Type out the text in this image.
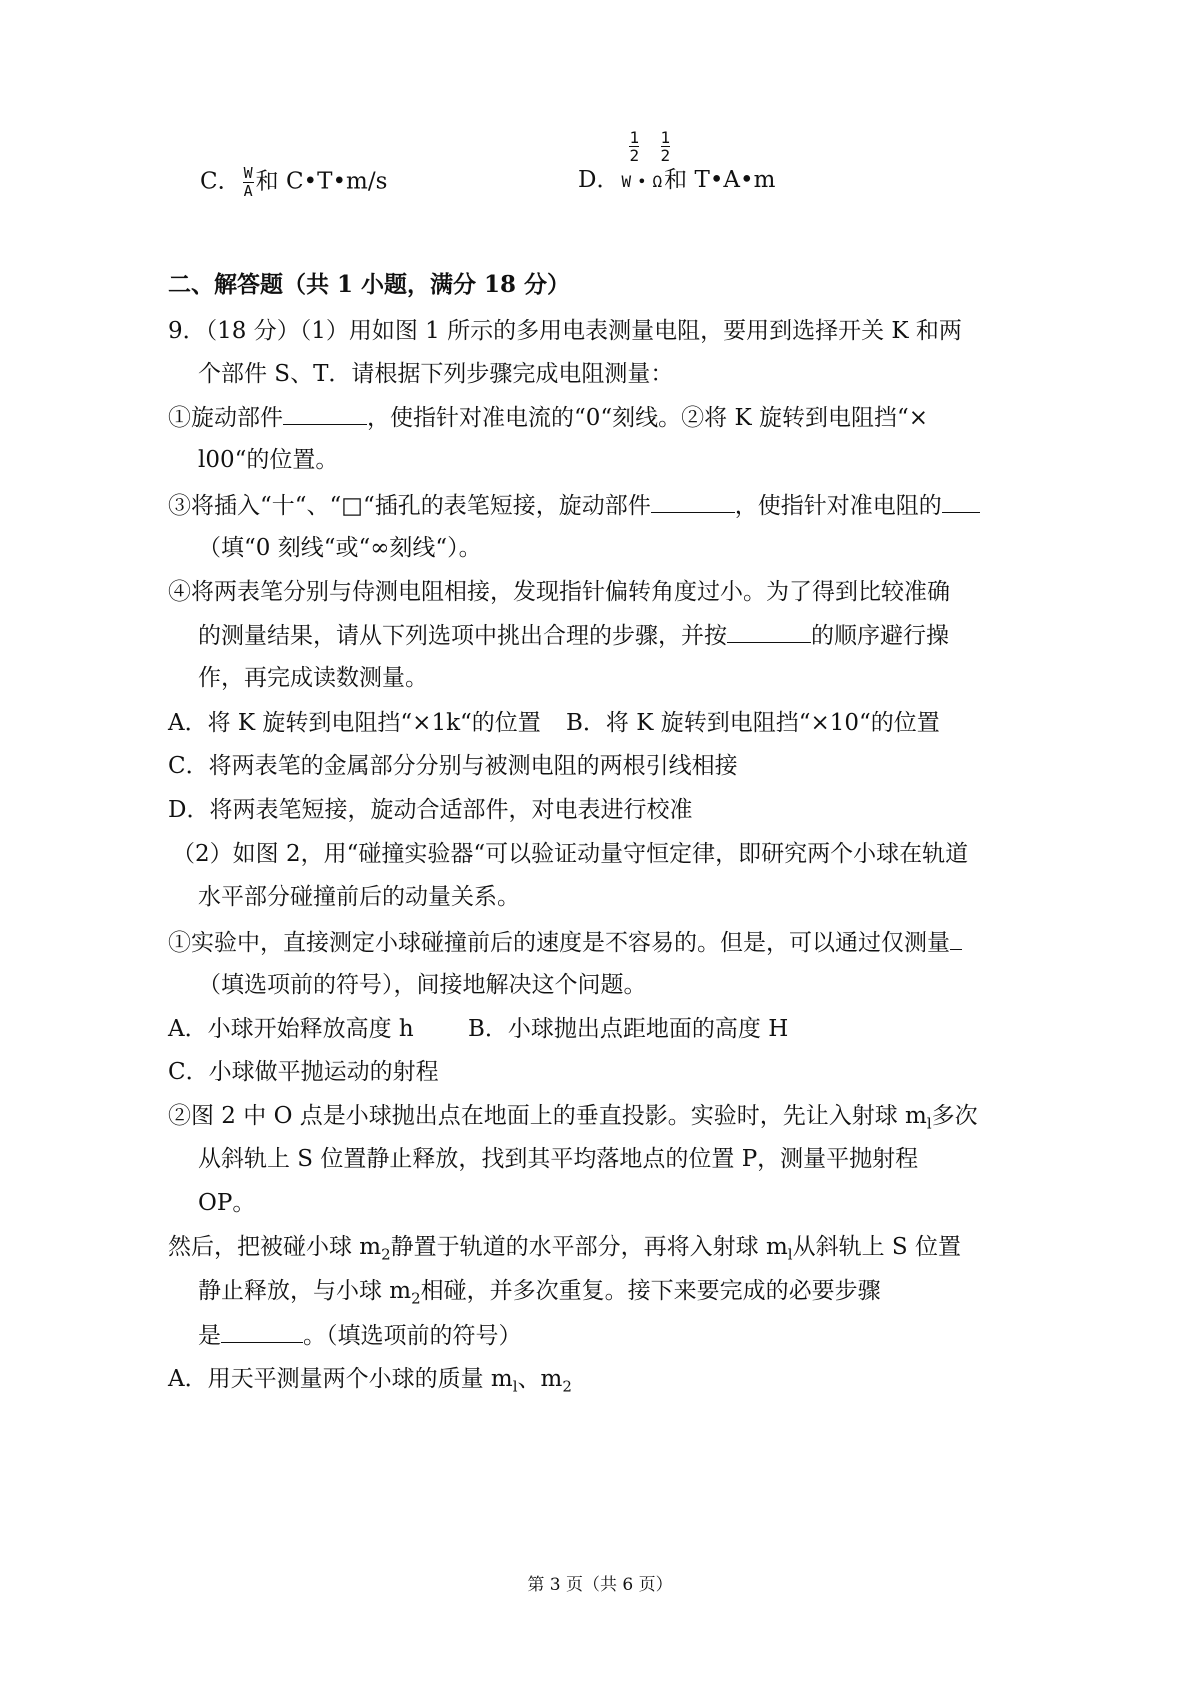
C． $\frac{W}{A}$ 和 C•T•m/s	D． W
1
2
• Ω
1
2
和 T•A•m
二、解答题（共 1 小题，满分 18 分）
9．（18 分）（1）用如图 1 所示的多用电表测量电阻，要用到选择开关 K 和两
个部件 S、T．请根据下列步骤完成电阻测量：
①旋动部件	，使指针对准电流的“0“刻线。②将 K 旋转到电阻挡“×
l00“的位置。
③将插入“十“、“□“插孔的表笔短接，旋动部件	，使指针对准电阻的
（填“0 刻线“或“∞刻线“）。
④将两表笔分别与侍测电阻相接，发现指针偏转角度过小。为了得到比较准确
的测量结果，请从下列选项中挑出合理的步骤，并按	的顺序避行操
作，再完成读数测量。
A．将 K 旋转到电阻挡“×1k“的位置 B．将 K 旋转到电阻挡“×10“的位置
C．将两表笔的金属部分分别与被测电阻的两根引线相接
D．将两表笔短接，旋动合适部件，对电表进行校准
（2）如图 2，用“碰撞实验器“可以验证动量守恒定律，即研究两个小球在轨道
水平部分碰撞前后的动量关系。
①实验中，直接测定小球碰撞前后的速度是不容易的。但是，可以通过仅测量
（填选项前的符号），间接地解决这个问题。
A．小球开始释放高度 h B．小球抛出点距地面的高度 H
C．小球做平抛运动的射程
②图 2 中 O 点是小球抛出点在地面上的垂直投影。实验时，先让入射球 $m_l$多次
从斜轨上 S 位置静止释放，找到其平均落地点的位置 P，测量平抛射程
OP。
然后，把被碰小球 $m_2$静置于轨道的水平部分，再将入射球 $m_l$从斜轨上 S 位置
静止释放，与小球 $m_2$相碰，并多次重复。接下来要完成的必要步骤
是	。（填选项前的符号）
A．用天平测量两个小球的质量 $m_l$、$m_2$
第 3 页（共 6 页）
